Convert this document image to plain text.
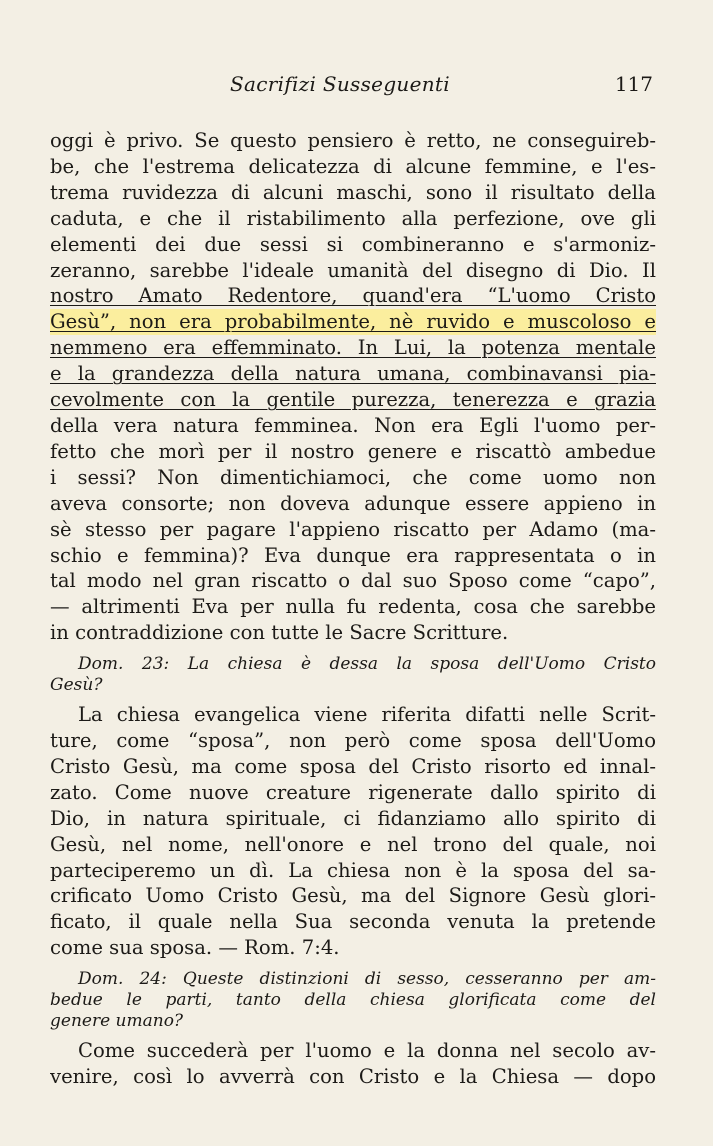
Sacrifizi Susseguenti	117
oggi è privo. Se questo pensiero è retto, ne conseguireb-
be, che l'estrema delicatezza di alcune femmine, e l'es-
trema ruvidezza di alcuni maschi, sono il risultato della
caduta, e che il ristabilimento alla perfezione, ove gli
elementi dei due sessi si combineranno e s'armoniz-
zeranno, sarebbe l'ideale umanità del disegno di Dio. Il
nostro Amato Redentore, quand'era “L'uomo Cristo
Gesù”, non era probabilmente, nè ruvido e muscoloso e
nemmeno era effemminato. In Lui, la potenza mentale
e la grandezza della natura umana, combinavansi pia-
cevolmente con la gentile purezza, tenerezza e grazia
della vera natura femminea. Non era Egli l'uomo per-
fetto che morì per il nostro genere e riscattò ambedue
i sessi? Non dimentichiamoci, che come uomo non
aveva consorte; non doveva adunque essere appieno in
sè stesso per pagare l'appieno riscatto per Adamo (ma-
schio e femmina)? Eva dunque era rappresentata o in
tal modo nel gran riscatto o dal suo Sposo come “capo”,
— altrimenti Eva per nulla fu redenta, cosa che sarebbe
in contraddizione con tutte le Sacre Scritture.
Dom. 23: La chiesa è dessa la sposa dell'Uomo Cristo
Gesù?
La chiesa evangelica viene riferita difatti nelle Scrit-
ture, come “sposa”, non però come sposa dell'Uomo
Cristo Gesù, ma come sposa del Cristo risorto ed innal-
zato. Come nuove creature rigenerate dallo spirito di
Dio, in natura spirituale, ci fidanziamo allo spirito di
Gesù, nel nome, nell'onore e nel trono del quale, noi
parteciperemo un dì. La chiesa non è la sposa del sa-
crificato Uomo Cristo Gesù, ma del Signore Gesù glori-
ficato, il quale nella Sua seconda venuta la pretende
come sua sposa. — Rom. 7:4.
Dom. 24: Queste distinzioni di sesso, cesseranno per am-
bedue le parti, tanto della chiesa glorificata come del
genere umano?
Come succederà per l'uomo e la donna nel secolo av-
venire, così lo avverrà con Cristo e la Chiesa — dopo
